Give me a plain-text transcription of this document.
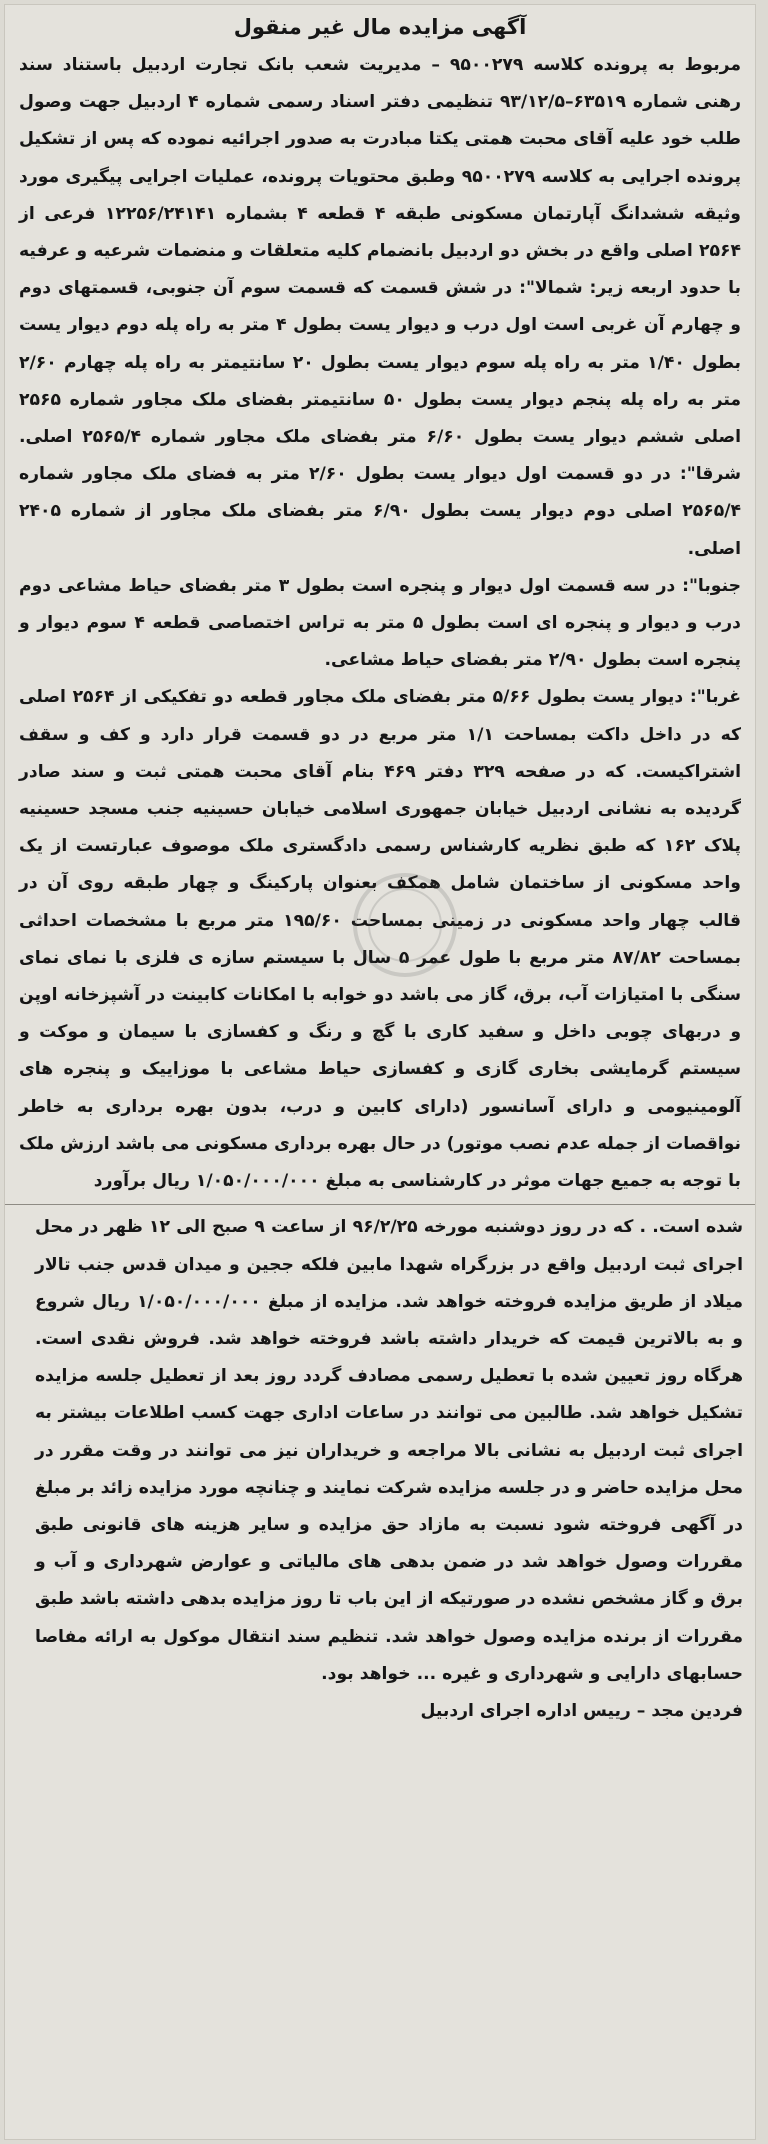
آگهی مزایده مال غیر منقول

مربوط به پرونده کلاسه ۹۵۰۰۲۷۹ – مدیریت شعب بانک تجارت اردبیل باستناد سند رهنی شماره ۶۳۵۱۹–۹۳/۱۲/۵ تنظیمی دفتر اسناد رسمی شماره ۴ اردبیل جهت وصول طلب خود علیه آقای محبت همتی یکتا مبادرت به صدور اجرائیه نموده که پس از تشکیل پرونده اجرایی به کلاسه ۹۵۰۰۲۷۹ وطبق محتویات پرونده، عملیات اجرایی پیگیری مورد وثیقه ششدانگ آپارتمان مسکونی طبقه ۴ قطعه ۴ بشماره ۱۲۲۵۶/۲۴۱۴۱ فرعی از ۲۵۶۴ اصلی واقع در بخش دو اردبیل بانضمام کلیه متعلقات و منضمات شرعیه و عرفیه با حدود اربعه زیر: شمالا": در شش قسمت که قسمت سوم آن جنوبی، قسمتهای دوم و چهارم آن غربی است اول درب و دیوار یست بطول ۴ متر به راه پله دوم دیوار یست بطول ۱/۴۰ متر به راه پله سوم دیوار یست بطول ۲۰ سانتیمتر به راه پله چهارم ۲/۶۰ متر به راه پله پنجم دیوار یست بطول ۵۰ سانتیمتر بفضای ملک مجاور شماره ۲۵۶۵ اصلی ششم دیوار یست بطول ۶/۶۰ متر بفضای ملک مجاور شماره ۲۵۶۵/۴ اصلی. شرقا": در دو قسمت اول دیوار یست بطول ۲/۶۰ متر به فضای ملک مجاور شماره ۲۵۶۵/۴ اصلی دوم دیوار یست بطول ۶/۹۰ متر بفضای ملک مجاور از شماره ۲۴۰۵ اصلی.

جنوبا": در سه قسمت اول دیوار و پنجره است بطول ۳ متر بفضای حیاط مشاعی دوم درب و دیوار و پنجره ای است بطول ۵ متر به تراس اختصاصی قطعه ۴ سوم دیوار و پنجره است بطول ۲/۹۰ متر بفضای حیاط مشاعی.

غربا": دیوار یست بطول ۵/۶۶ متر بفضای ملک مجاور قطعه دو تفکیکی از ۲۵۶۴ اصلی که در داخل داکت بمساحت ۱/۱ متر مربع در دو قسمت قرار دارد و کف و سقف اشتراکیست. که در صفحه ۳۲۹ دفتر ۴۶۹ بنام آقای محبت همتی ثبت و سند صادر گردیده به نشانی اردبیل خیابان جمهوری اسلامی خیابان حسینیه جنب مسجد حسینیه پلاک ۱۶۲ که طبق نظریه کارشناس رسمی دادگستری ملک موصوف عبارتست از یک واحد مسکونی از ساختمان شامل همکف بعنوان پارکینگ و چهار طبقه روی آن در قالب چهار واحد مسکونی در زمینی بمساحت ۱۹۵/۶۰ متر مربع با مشخصات احداثی بمساحت ۸۷/۸۲ متر مربع با طول عمر ۵ سال با سیستم سازه ی فلزی با نمای نمای سنگی با امتیازات آب، برق، گاز می باشد دو خوابه با امکانات کابینت در آشپزخانه اوپن و دربهای چوبی داخل و سفید کاری با گچ و رنگ و کفسازی با سیمان و موکت و سیستم گرمایشی بخاری گازی و کفسازی حیاط مشاعی با موزاییک و پنجره های آلومینیومی و دارای آسانسور (دارای کابین و درب، بدون بهره برداری به خاطر نواقصات از جمله عدم نصب موتور) در حال بهره برداری مسکونی می باشد ارزش ملک با توجه به جمیع جهات موثر در کارشناسی به مبلغ ۱/۰۵۰/۰۰۰/۰۰۰ ریال برآورد

شده است. . که در روز دوشنبه مورخه ۹۶/۲/۲۵ از ساعت ۹ صبح الی ۱۲ ظهر در محل اجرای ثبت اردبیل واقع در بزرگراه شهدا مابین فلکه ججین و میدان قدس جنب تالار میلاد از طریق مزایده فروخته خواهد شد. مزایده از مبلغ ۱/۰۵۰/۰۰۰/۰۰۰ ریال شروع و به بالاترین قیمت که خریدار داشته باشد فروخته خواهد شد. فروش نقدی است. هرگاه روز تعیین شده با تعطیل رسمی مصادف گردد روز بعد از تعطیل جلسه مزایده تشکیل خواهد شد. طالبین می توانند در ساعات اداری جهت کسب اطلاعات بیشتر به اجرای ثبت اردبیل به نشانی بالا مراجعه و خریداران نیز می توانند در وقت مقرر در محل مزایده حاضر و در جلسه مزایده شرکت نمایند و چنانچه مورد مزایده زائد بر مبلغ در آگهی فروخته شود نسبت به مازاد حق مزایده و سایر هزینه های قانونی طبق مقررات وصول خواهد شد در ضمن بدهی های مالیاتی و عوارض شهرداری و آب و برق و گاز مشخص نشده در صورتیکه از این باب تا روز مزایده بدهی داشته باشد طبق مقررات از برنده مزایده وصول خواهد شد. تنظیم سند انتقال موکول به ارائه مفاصا حسابهای دارایی و شهرداری و غیره ... خواهد بود.

فردین مجد – رییس اداره اجرای اردبیل
